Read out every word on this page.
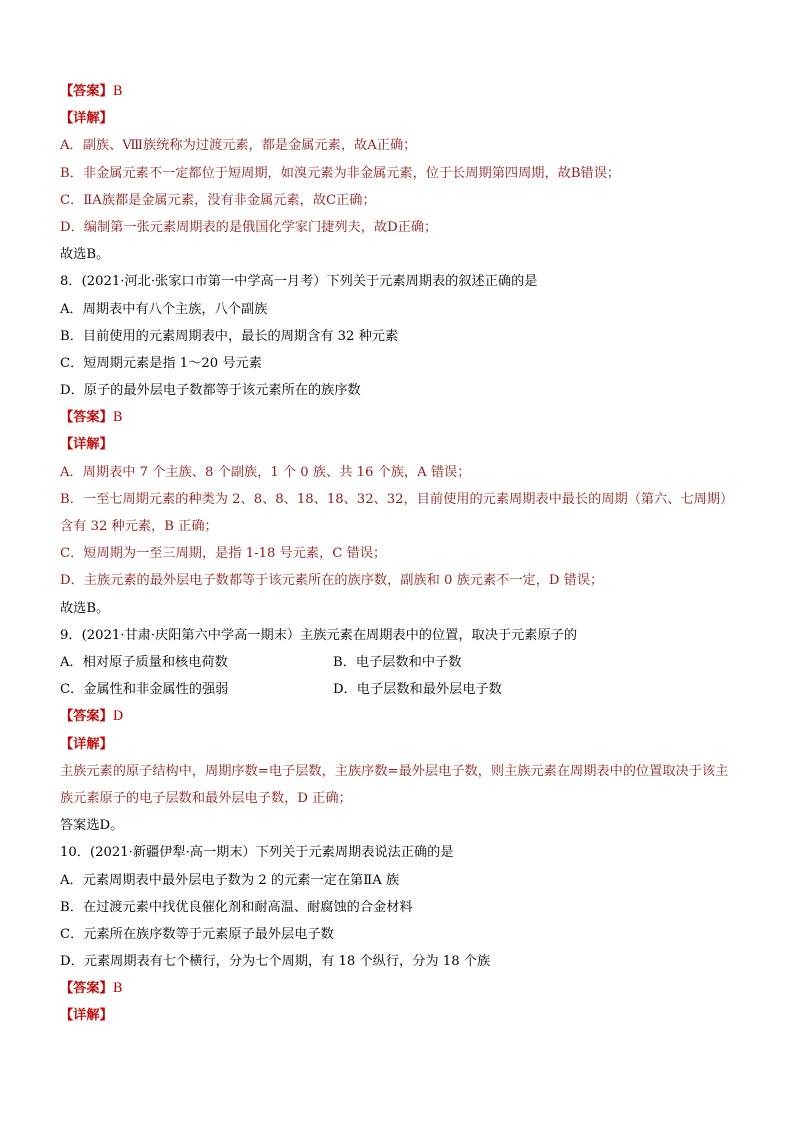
【答案】B
【详解】
A．副族、Ⅷ族统称为过渡元素，都是金属元素，故A正确；
B．非金属元素不一定都位于短周期，如溴元素为非金属元素，位于长周期第四周期，故B错误；
C．ⅡA族都是金属元素，没有非金属元素，故C正确；
D．编制第一张元素周期表的是俄国化学家门捷列夫，故D正确；
故选B。
8．(2021·河北·张家口市第一中学高一月考）下列关于元素周期表的叙述正确的是
A．周期表中有八个主族，八个副族
B．目前使用的元素周期表中，最长的周期含有 32 种元素
C．短周期元素是指 1～20 号元素
D．原子的最外层电子数都等于该元素所在的族序数
【答案】B
【详解】
A．周期表中 7 个主族、8 个副族，1 个 0 族、共 16 个族，A 错误；
B．一至七周期元素的种类为 2、8、8、18、18、32、32，目前使用的元素周期表中最长的周期（第六、七周期）含有 32 种元素，B 正确；
C．短周期为一至三周期，是指 1-18 号元素，C 错误；
D．主族元素的最外层电子数都等于该元素所在的族序数，副族和 0 族元素不一定，D 错误；
故选B。
9．(2021·甘肃·庆阳第六中学高一期末）主族元素在周期表中的位置，取决于元素原子的
A．相对原子质量和核电荷数	B．电子层数和中子数
C．金属性和非金属性的强弱	D．电子层数和最外层电子数
【答案】D
【详解】
主族元素的原子结构中，周期序数=电子层数，主族序数=最外层电子数，则主族元素在周期表中的位置取决于该主族元素原子的电子层数和最外层电子数，D 正确；
答案选D。
10．(2021·新疆伊犁·高一期末）下列关于元素周期表说法正确的是
A．元素周期表中最外层电子数为 2 的元素一定在第ⅡA 族
B．在过渡元素中找优良催化剂和耐高温、耐腐蚀的合金材料
C．元素所在族序数等于元素原子最外层电子数
D．元素周期表有七个横行，分为七个周期，有 18 个纵行，分为 18 个族
【答案】B
【详解】
